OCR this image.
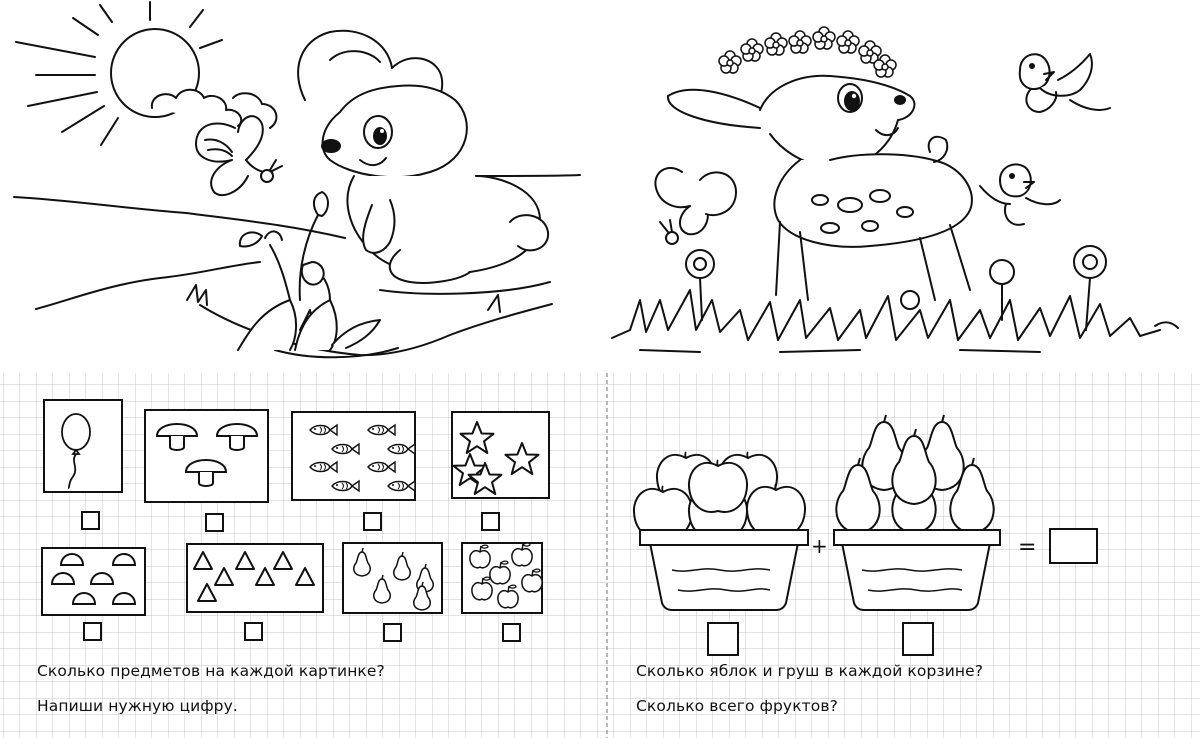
+	=
Сколько предметов на каждой картинке?
Напиши нужную цифру.
Сколько яблок и груш в каждой корзине?
Сколько всего фруктов?
